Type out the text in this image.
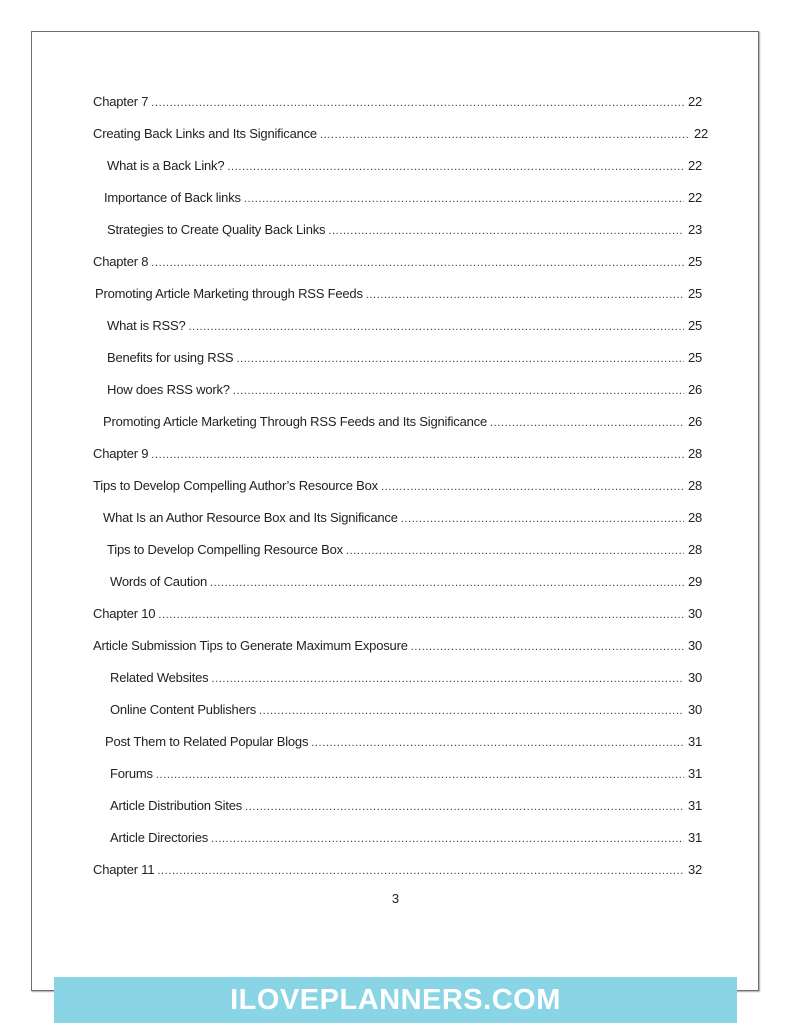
Chapter 7 .....	22
Creating Back Links and Its Significance .....	22
What is a Back Link? .....	22
Importance of Back links .....	22
Strategies to Create Quality Back Links .....	23
Chapter 8 .....	25
Promoting Article Marketing through RSS Feeds .....	25
What is RSS? .....	25
Benefits for using RSS .....	25
How does RSS work? .....	26
Promoting Article Marketing Through RSS Feeds and Its Significance .....	26
Chapter 9 .....	28
Tips to Develop Compelling Author’s Resource Box .....	28
What Is an Author Resource Box and Its Significance .....	28
Tips to Develop Compelling Resource Box .....	28
Words of Caution .....	29
Chapter 10 .....	30
Article Submission Tips to Generate Maximum Exposure .....	30
Related Websites .....	30
Online Content Publishers .....	30
Post Them to Related Popular Blogs .....	31
Forums .....	31
Article Distribution Sites .....	31
Article Directories .....	31
Chapter 11 .....	32
3
ILOVEPLANNERS.COM
